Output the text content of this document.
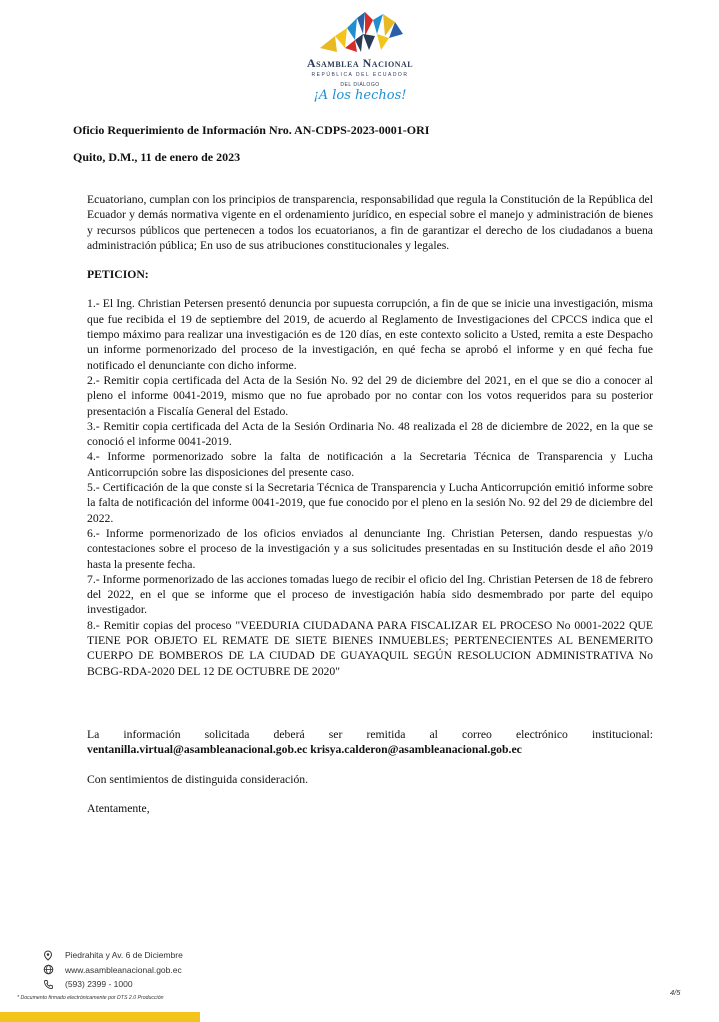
Asamblea Nacional
REPÚBLICA DEL ECUADOR
DEL DIÁLOGO
¡A los hechos!
Oficio Requerimiento de Información Nro. AN-CDPS-2023-0001-ORI
Quito, D.M., 11 de enero de 2023

Ecuatoriano, cumplan con los principios de transparencia, responsabilidad que regula la Constitución de la República del Ecuador y demás normativa vigente en el ordenamiento jurídico, en especial sobre el manejo y administración de bienes y recursos públicos que pertenecen a todos los ecuatorianos, a fin de garantizar el derecho de los ciudadanos a buena administración pública; En uso de sus atribuciones constitucionales y legales.

PETICION:

1.- El Ing. Christian Petersen presentó denuncia por supuesta corrupción, a fin de que se inicie una investigación, misma que fue recibida el 19 de septiembre del 2019, de acuerdo al Reglamento de Investigaciones del CPCCS indica que el tiempo máximo para realizar una investigación es de 120 días, en este contexto solicito a Usted, remita a este Despacho un informe pormenorizado del proceso de la investigación, en qué fecha se aprobó el informe y en qué fecha fue notificado el denunciante con dicho informe.

2.- Remitir copia certificada del Acta de la Sesión No. 92 del 29 de diciembre del 2021, en el que se dio a conocer al pleno el informe 0041-2019, mismo que no fue aprobado por no contar con los votos requeridos para su posterior presentación a Fiscalía General del Estado.

3.- Remitir copia certificada del Acta de la Sesión Ordinaria No. 48 realizada el 28 de diciembre de 2022, en la que se conoció el informe 0041-2019.

4.- Informe pormenorizado sobre la falta de notificación a la Secretaria Técnica de Transparencia y Lucha Anticorrupción sobre las disposiciones del presente caso.

5.- Certificación de la que conste si la Secretaria Técnica de Transparencia y Lucha Anticorrupción emitió informe sobre la falta de notificación del informe 0041-2019, que fue conocido por el pleno en la sesión No. 92 del 29 de diciembre del 2022.

6.- Informe pormenorizado de los oficios enviados al denunciante Ing. Christian Petersen, dando respuestas y/o contestaciones sobre el proceso de la investigación y a sus solicitudes presentadas en su Institución desde el año 2019 hasta la presente fecha.

7.- Informe pormenorizado de las acciones tomadas luego de recibir el oficio del Ing. Christian Petersen de 18 de febrero del 2022, en el que se informe que el proceso de investigación había sido desmembrado por parte del equipo investigador.

8.- Remitir copias del proceso "VEEDURIA CIUDADANA PARA FISCALIZAR EL PROCESO No 0001-2022 QUE TIENE POR OBJETO EL REMATE DE SIETE BIENES INMUEBLES; PERTENECIENTES AL BENEMERITO CUERPO DE BOMBEROS DE LA CIUDAD DE GUAYAQUIL SEGÚN RESOLUCION ADMINISTRATIVA No BCBG-RDA-2020 DEL 12 DE OCTUBRE DE 2020"

La información solicitada deberá ser remitida al correo electrónico institucional:

ventanilla.virtual@asambleanacional.gob.ec krisya.calderon@asambleanacional.gob.ec

Con sentimientos de distinguida consideración.

Atentamente,

Piedrahita y Av. 6 de Diciembre
www.asambleanacional.gob.ec
(593) 2399 - 1000
* Documento firmado electrónicamente por DTS 2.0 Producción
4/5
